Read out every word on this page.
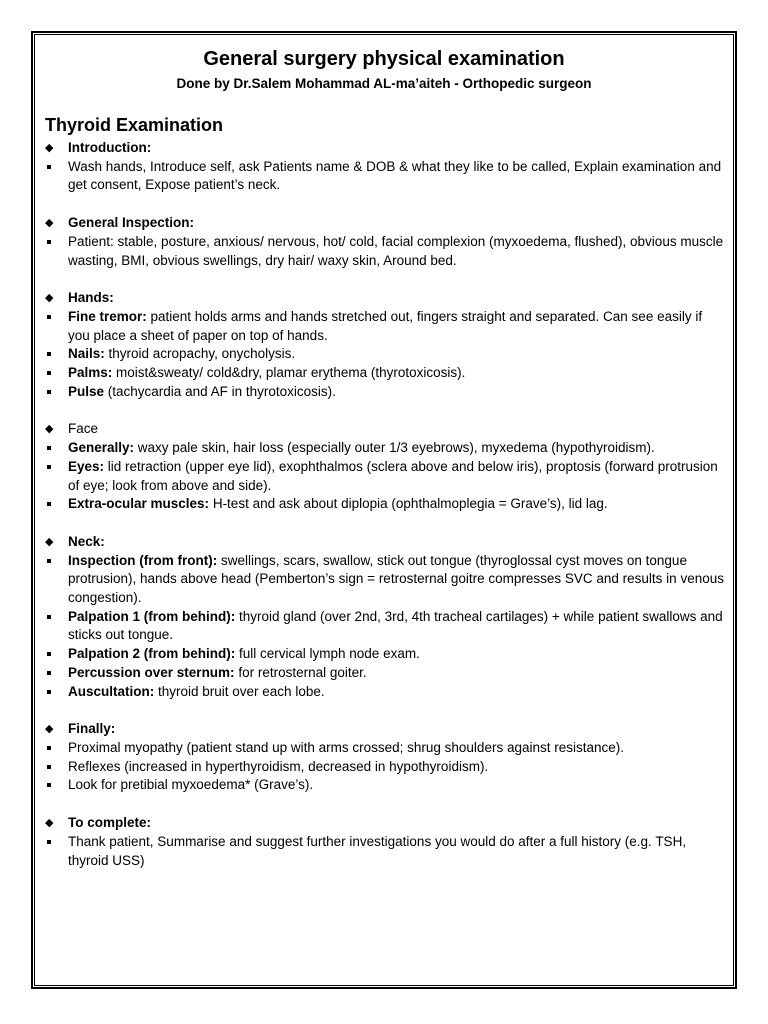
General surgery physical examination
Done by Dr.Salem Mohammad AL-ma’aiteh - Orthopedic surgeon
Thyroid Examination
◆ Introduction:
Wash hands, Introduce self, ask Patients name & DOB & what they like to be called, Explain examination and get consent, Expose patient’s neck.
◆ General Inspection:
Patient: stable, posture, anxious/ nervous, hot/ cold, facial complexion (myxoedema, flushed), obvious muscle wasting, BMI, obvious swellings, dry hair/ waxy skin, Around bed.
◆ Hands:
Fine tremor: patient holds arms and hands stretched out, fingers straight and separated. Can see easily if you place a sheet of paper on top of hands.
Nails: thyroid acropachy, onycholysis.
Palms: moist&sweaty/ cold&dry, plamar erythema (thyrotoxicosis).
Pulse (tachycardia and AF in thyrotoxicosis).
◆ Face
Generally: waxy pale skin, hair loss (especially outer 1/3 eyebrows), myxedema (hypothyroidism).
Eyes: lid retraction (upper eye lid), exophthalmos (sclera above and below iris), proptosis (forward protrusion of eye; look from above and side).
Extra-ocular muscles: H-test and ask about diplopia (ophthalmoplegia = Grave’s), lid lag.
◆ Neck:
Inspection (from front): swellings, scars, swallow, stick out tongue (thyroglossal cyst moves on tongue protrusion), hands above head (Pemberton’s sign = retrosternal goitre compresses SVC and results in venous congestion).
Palpation 1 (from behind): thyroid gland (over 2nd, 3rd, 4th tracheal cartilages) + while patient swallows and sticks out tongue.
Palpation 2 (from behind): full cervical lymph node exam.
Percussion over sternum: for retrosternal goiter.
Auscultation: thyroid bruit over each lobe.
◆ Finally:
Proximal myopathy (patient stand up with arms crossed; shrug shoulders against resistance).
Reflexes (increased in hyperthyroidism, decreased in hypothyroidism).
Look for pretibial myxoedema* (Grave’s).
◆ To complete:
Thank patient, Summarise and suggest further investigations you would do after a full history (e.g. TSH, thyroid USS)
